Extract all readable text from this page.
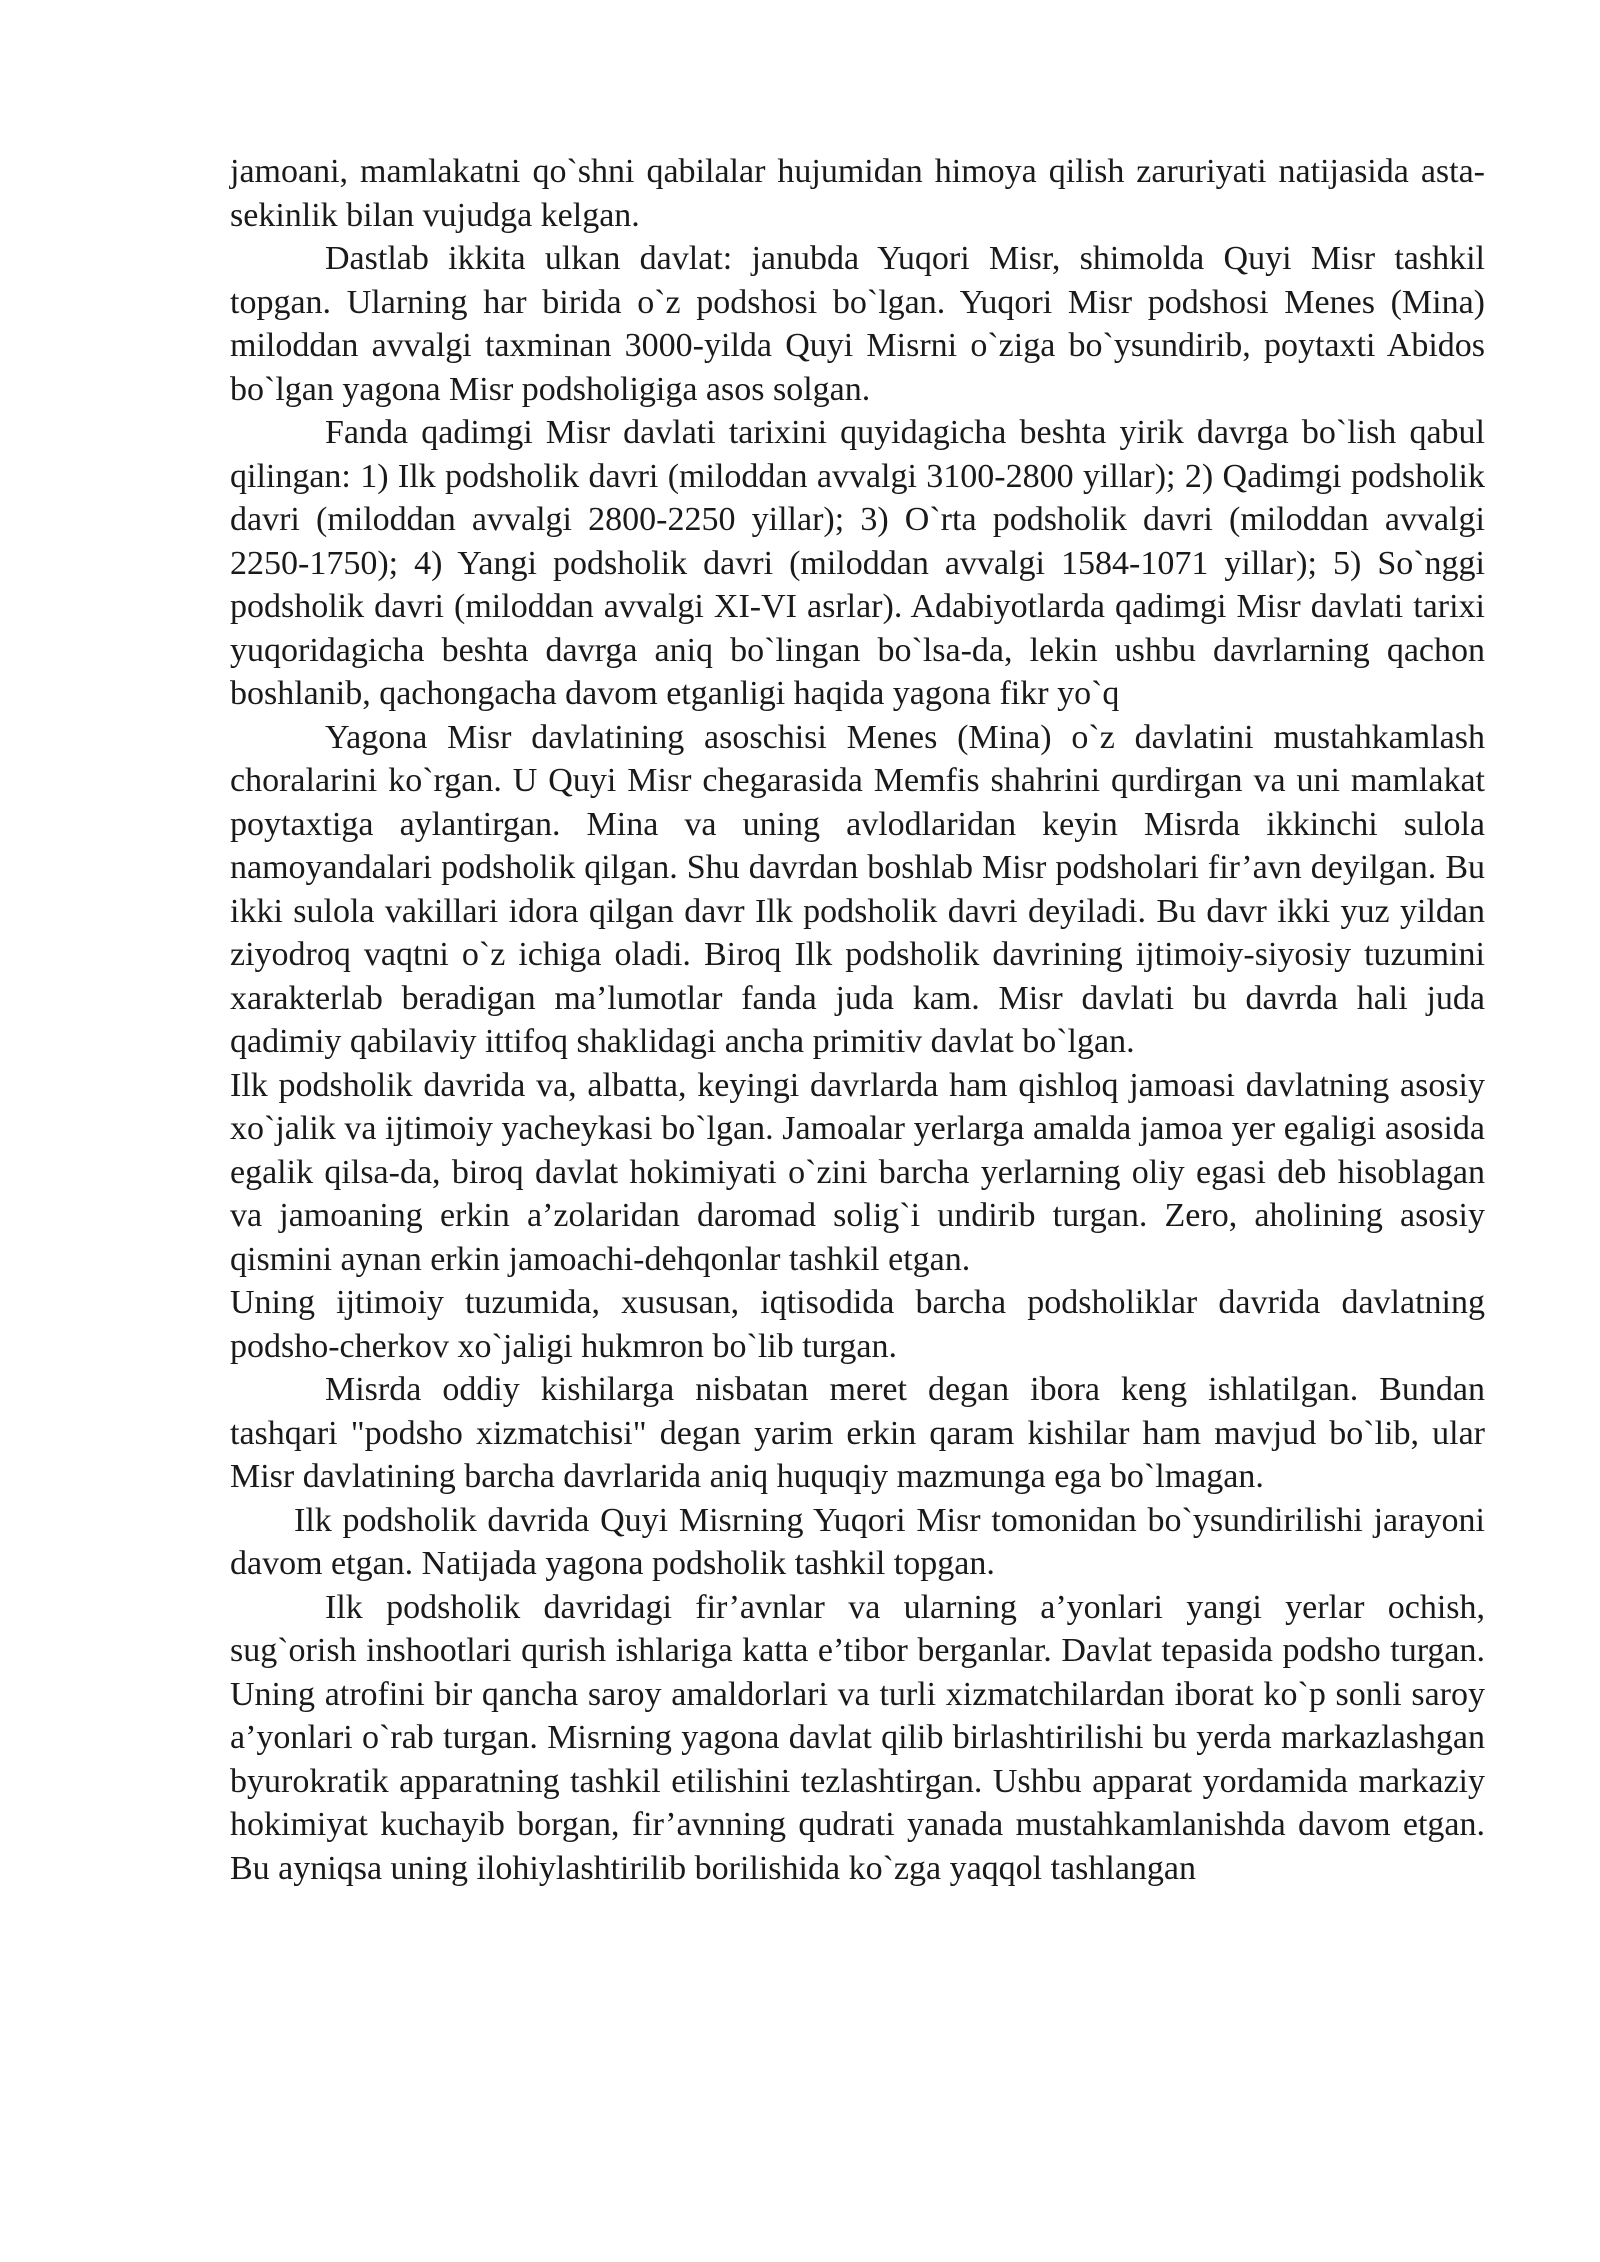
jamoani, mamlakatni qo`shni qabilalar hujumidan himoya qilish zaruriyati natijasida asta-sekinlik bilan vujudga kelgan.

Dastlab ikkita ulkan davlat: janubda Yuqori Misr, shimolda Quyi Misr tashkil topgan. Ularning har birida o`z podshosi bo`lgan. Yuqori Misr podshosi Menes (Mina) miloddan avvalgi taxminan 3000-yilda Quyi Misrni o`ziga bo`ysundirib, poytaxti Abidos bo`lgan yagona Misr podsholigiga asos solgan.

Fanda qadimgi Misr davlati tarixini quyidagicha beshta yirik davrga bo`lish qabul qilingan: 1) Ilk podsholik davri (miloddan avvalgi 3100-2800 yillar); 2) Qadimgi podsholik davri (miloddan avvalgi 2800-2250 yillar); 3) O`rta podsholik davri (miloddan avvalgi 2250-1750); 4) Yangi podsholik davri (miloddan avvalgi 1584-1071 yillar); 5) So`nggi podsholik davri (miloddan avvalgi XI-VI asrlar). Adabiyotlarda qadimgi Misr davlati tarixi yuqoridagicha beshta davrga aniq bo`lingan bo`lsa-da, lekin ushbu davrlarning qachon boshlanib, qachongacha davom etganligi haqida yagona fikr yo`q

Yagona Misr davlatining asoschisi Menes (Mina) o`z davlatini mustahkamlash choralarini ko`rgan. U Quyi Misr chegarasida Memfis shahrini qurdirgan va uni mamlakat poytaxtiga aylantirgan. Mina va uning avlodlaridan keyin Misrda ikkinchi sulola namoyandalari podsholik qilgan. Shu davrdan boshlab Misr podsholari fir’avn deyilgan. Bu ikki sulola vakillari idora qilgan davr Ilk podsholik davri deyiladi. Bu davr ikki yuz yildan ziyodroq vaqtni o`z ichiga oladi. Biroq Ilk podsholik davrining ijtimoiy-siyosiy tuzumini xarakterlab beradigan ma’lumotlar fanda juda kam. Misr davlati bu davrda hali juda qadimiy qabilaviy ittifoq shaklidagi ancha primitiv davlat bo`lgan.

Ilk podsholik davrida va, albatta, keyingi davrlarda ham qishloq jamoasi davlatning asosiy xo`jalik va ijtimoiy yacheykasi bo`lgan. Jamoalar yerlarga amalda jamoa yer egaligi asosida egalik qilsa-da, biroq davlat hokimiyati o`zini barcha yerlarning oliy egasi deb hisoblagan va jamoaning erkin a’zolaridan daromad solig`i undirib turgan. Zero, aholining asosiy qismini aynan erkin jamoachi-dehqonlar tashkil etgan.

Uning ijtimoiy tuzumida, xususan, iqtisodida barcha podsholiklar davrida davlatning podsho-cherkov xo`jaligi hukmron bo`lib turgan.

Misrda oddiy kishilarga nisbatan meret degan ibora keng ishlatilgan. Bundan tashqari "podsho xizmatchisi" degan yarim erkin qaram kishilar ham mavjud bo`lib, ular Misr davlatining barcha davrlarida aniq huquqiy mazmunga ega bo`lmagan.

Ilk podsholik davrida Quyi Misrning Yuqori Misr tomonidan bo`ysundirilishi jarayoni davom etgan. Natijada yagona podsholik tashkil topgan.

Ilk podsholik davridagi fir’avnlar va ularning a’yonlari yangi yerlar ochish, sug`orish inshootlari qurish ishlariga katta e’tibor berganlar. Davlat tepasida podsho turgan. Uning atrofini bir qancha saroy amaldorlari va turli xizmatchilardan iborat ko`p sonli saroy a’yonlari o`rab turgan. Misrning yagona davlat qilib birlashtirilishi bu yerda markazlashgan byurokratik apparatning tashkil etilishini tezlashtirgan. Ushbu apparat yordamida markaziy hokimiyat kuchayib borgan, fir’avnning qudrati yanada mustahkamlanishda davom etgan. Bu ayniqsa uning ilohiylashtirilib borilishida ko`zga yaqqol tashlangan
